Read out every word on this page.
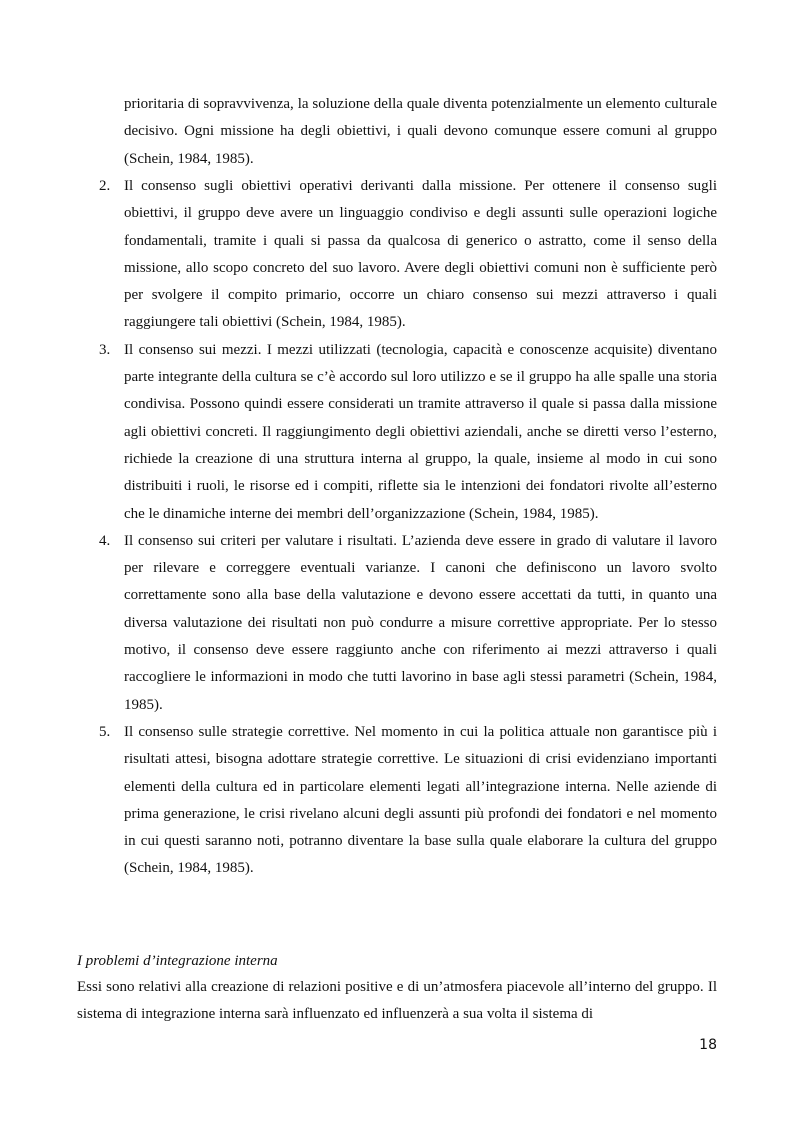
prioritaria di sopravvivenza, la soluzione della quale diventa potenzialmente un elemento culturale decisivo. Ogni missione ha degli obiettivi, i quali devono comunque essere comuni al gruppo (Schein, 1984, 1985).

2. Il consenso sugli obiettivi operativi derivanti dalla missione. Per ottenere il consenso sugli obiettivi, il gruppo deve avere un linguaggio condiviso e degli assunti sulle operazioni logiche fondamentali, tramite i quali si passa da qualcosa di generico o astratto, come il senso della missione, allo scopo concreto del suo lavoro. Avere degli obiettivi comuni non è sufficiente però per svolgere il compito primario, occorre un chiaro consenso sui mezzi attraverso i quali raggiungere tali obiettivi (Schein, 1984, 1985).
3. Il consenso sui mezzi. I mezzi utilizzati (tecnologia, capacità e conoscenze acquisite) diventano parte integrante della cultura se c’è accordo sul loro utilizzo e se il gruppo ha alle spalle una storia condivisa. Possono quindi essere considerati un tramite attraverso il quale si passa dalla missione agli obiettivi concreti. Il raggiungimento degli obiettivi aziendali, anche se diretti verso l’esterno, richiede la creazione di una struttura interna al gruppo, la quale, insieme al modo in cui sono distribuiti i ruoli, le risorse ed i compiti, riflette sia le intenzioni dei fondatori rivolte all’esterno che le dinamiche interne dei membri dell’organizzazione (Schein, 1984, 1985).
4. Il consenso sui criteri per valutare i risultati. L’azienda deve essere in grado di valutare il lavoro per rilevare e correggere eventuali varianze. I canoni che definiscono un lavoro svolto correttamente sono alla base della valutazione e devono essere accettati da tutti, in quanto una diversa valutazione dei risultati non può condurre a misure correttive appropriate. Per lo stesso motivo, il consenso deve essere raggiunto anche con riferimento ai mezzi attraverso i quali raccogliere le informazioni in modo che tutti lavorino in base agli stessi parametri (Schein, 1984, 1985).
5. Il consenso sulle strategie correttive. Nel momento in cui la politica attuale non garantisce più i risultati attesi, bisogna adottare strategie correttive. Le situazioni di crisi evidenziano importanti elementi della cultura ed in particolare elementi legati all’integrazione interna. Nelle aziende di prima generazione, le crisi rivelano alcuni degli assunti più profondi dei fondatori e nel momento in cui questi saranno noti, potranno diventare la base sulla quale elaborare la cultura del gruppo (Schein, 1984, 1985).
I problemi d’integrazione interna

Essi sono relativi alla creazione di relazioni positive e di un’atmosfera piacevole all’interno del gruppo. Il sistema di integrazione interna sarà influenzato ed influenzerà a sua volta il sistema di

18
